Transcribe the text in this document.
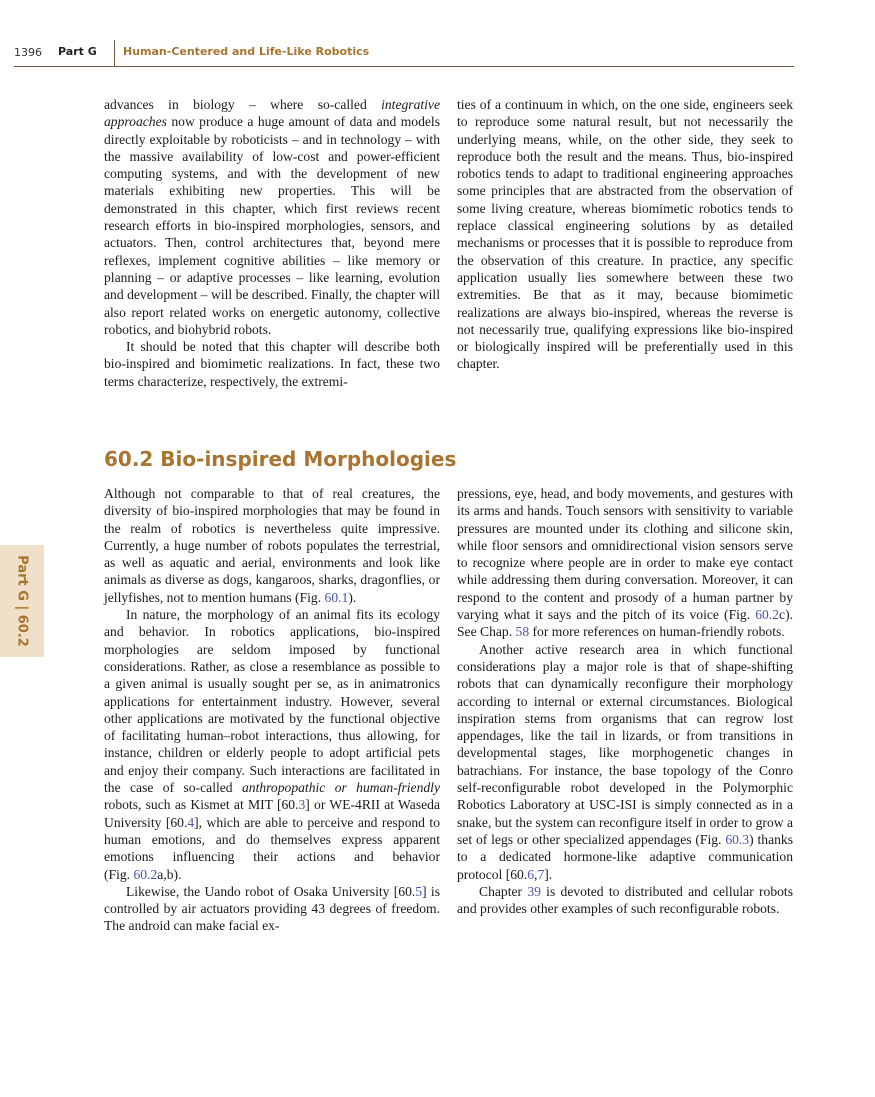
1396 Part G Human-Centered and Life-Like Robotics
Part G | 60.2

advances in biology – where so-called integrative approaches now produce a huge amount of data and models directly exploitable by roboticists – and in technology – with the massive availability of low-cost and power-efficient computing systems, and with the development of new materials exhibiting new properties. This will be demonstrated in this chapter, which first reviews recent research efforts in bio-inspired morphologies, sensors, and actuators. Then, control architectures that, beyond mere reflexes, implement cognitive abilities – like memory or planning – or adaptive processes – like learning, evolution and development – will be described. Finally, the chapter will also report related works on energetic autonomy, collective robotics, and biohybrid robots.

It should be noted that this chapter will describe both bio-inspired and biomimetic realizations. In fact, these two terms characterize, respectively, the extremi-

ties of a continuum in which, on the one side, engineers seek to reproduce some natural result, but not necessarily the underlying means, while, on the other side, they seek to reproduce both the result and the means. Thus, bio-inspired robotics tends to adapt to traditional engineering approaches some principles that are abstracted from the observation of some living creature, whereas biomimetic robotics tends to replace classical engineering solutions by as detailed mechanisms or processes that it is possible to reproduce from the observation of this creature. In practice, any specific application usually lies somewhere between these two extremities. Be that as it may, because biomimetic realizations are always bio-inspired, whereas the reverse is not necessarily true, qualifying expressions like bio-inspired or biologically inspired will be preferentially used in this chapter.

60.2 Bio-inspired Morphologies

Although not comparable to that of real creatures, the diversity of bio-inspired morphologies that may be found in the realm of robotics is nevertheless quite impressive. Currently, a huge number of robots populates the terrestrial, as well as aquatic and aerial, environments and look like animals as diverse as dogs, kangaroos, sharks, dragonflies, or jellyfishes, not to mention humans (Fig. 60.1).

In nature, the morphology of an animal fits its ecology and behavior. In robotics applications, bio-inspired morphologies are seldom imposed by functional considerations. Rather, as close a resemblance as possible to a given animal is usually sought per se, as in animatronics applications for entertainment industry. However, several other applications are motivated by the functional objective of facilitating human–robot interactions, thus allowing, for instance, children or elderly people to adopt artificial pets and enjoy their company. Such interactions are facilitated in the case of so-called anthropopathic or human-friendly robots, such as Kismet at MIT [60.3] or WE-4RII at Waseda University [60.4], which are able to perceive and respond to human emotions, and do themselves express apparent emotions influencing their actions and behavior (Fig. 60.2a,b).

Likewise, the Uando robot of Osaka University [60.5] is controlled by air actuators providing 43 degrees of freedom. The android can make facial ex-

pressions, eye, head, and body movements, and gestures with its arms and hands. Touch sensors with sensitivity to variable pressures are mounted under its clothing and silicone skin, while floor sensors and omnidirectional vision sensors serve to recognize where people are in order to make eye contact while addressing them during conversation. Moreover, it can respond to the content and prosody of a human partner by varying what it says and the pitch of its voice (Fig. 60.2c). See Chap. 58 for more references on human-friendly robots.

Another active research area in which functional considerations play a major role is that of shape-shifting robots that can dynamically reconfigure their morphology according to internal or external circumstances. Biological inspiration stems from organisms that can regrow lost appendages, like the tail in lizards, or from transitions in developmental stages, like morphogenetic changes in batrachians. For instance, the base topology of the Conro self-reconfigurable robot developed in the Polymorphic Robotics Laboratory at USC-ISI is simply connected as in a snake, but the system can reconfigure itself in order to grow a set of legs or other specialized appendages (Fig. 60.3) thanks to a dedicated hormone-like adaptive communication protocol [60.6,7].

Chapter 39 is devoted to distributed and cellular robots and provides other examples of such reconfigurable robots.
